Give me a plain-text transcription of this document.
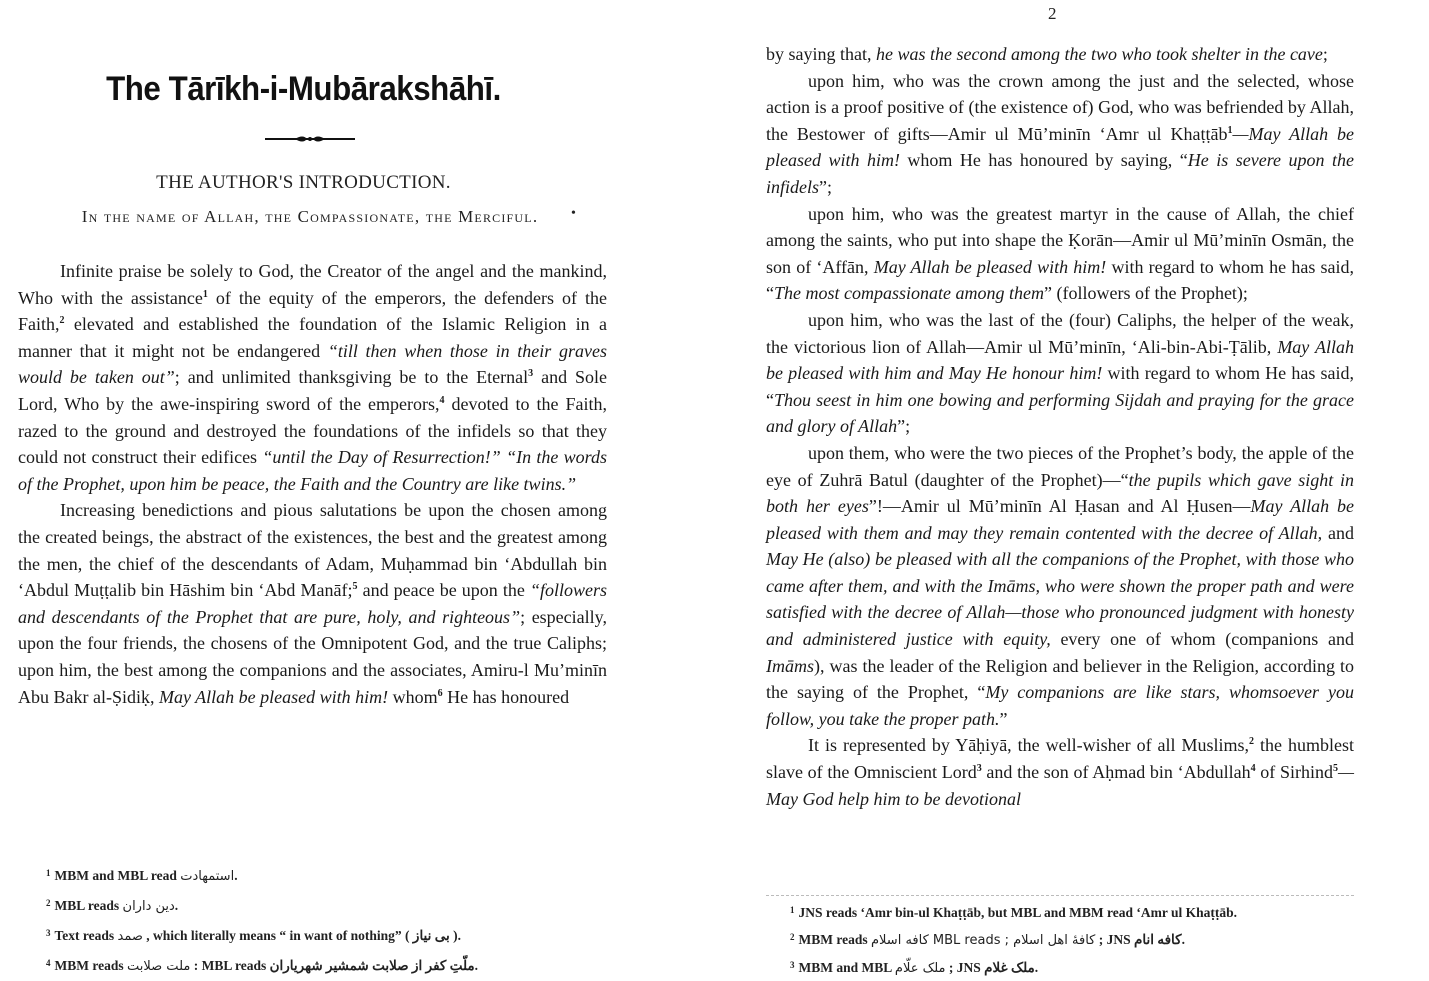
The Tārīkh-i-Mubārakshāhī.
THE AUTHOR'S INTRODUCTION.
In the name of Allah, the Compassionate, the Merciful.	•

Infinite praise be solely to God, the Creator of the angel and the mankind, Who with the assistance$^1$ of the equity of the emperors, the defenders of the Faith,$^2$ elevated and established the foundation of the Islamic Religion in a manner that it might not be endangered “till then when those in their graves would be taken out”; and unlimited thanksgiving be to the Eternal$^3$ and Sole Lord, Who by the awe-inspiring sword of the emperors,$^4$ devoted to the Faith, razed to the ground and destroyed the foundations of the infidels so that they could not construct their edifices “until the Day of Resurrection!” “In the words of the Prophet, upon him be peace, the Faith and the Country are like twins.”

Increasing benedictions and pious salutations be upon the chosen among the created beings, the abstract of the existences, the best and the greatest among the men, the chief of the descendants of Adam, Muḥammad bin ‘Abdullah bin ‘Abdul Muṭṭalib bin Hāshim bin ‘Abd Manāf;$^5$ and peace be upon the “followers and descendants of the Prophet that are pure, holy, and righteous”; especially, upon the four friends, the chosens of the Omnipotent God, and the true Caliphs; upon him, the best among the companions and the associates, Amiru-l Mu’minīn Abu Bakr al-Ṣidiḳ, May Allah be pleased with him! whom$^6$ He has honoured

$^1$ MBM and MBL read استمهادت.
$^2$ MBL reads دین داران.
$^3$ Text reads صمد , which literally means “ in want of nothing” ( بی نیاز ).
$^4$ MBM reads ملت صلابت : MBL reads ملّتِ کفر از صلابت شمشیر شهریاران.
2

by saying that, he was the second among the two who took shelter in the cave;

upon him, who was the crown among the just and the selected, whose action is a proof positive of (the existence of) God, who was befriended by Allah, the Bestower of gifts—Amir ul Mū’minīn ‘Amr ul Khaṭṭāb$^1$—May Allah be pleased with him! whom He has honoured by saying, “He is severe upon the infidels”;

upon him, who was the greatest martyr in the cause of Allah, the chief among the saints, who put into shape the Ḳorān—Amir ul Mū’minīn Osmān, the son of ‘Affān, May Allah be pleased with him! with regard to whom he has said, “The most compassionate among them” (followers of the Prophet);

upon him, who was the last of the (four) Caliphs, the helper of the weak, the victorious lion of Allah—Amir ul Mū’minīn, ‘Ali-bin-Abi-Ṭālib, May Allah be pleased with him and May He honour him! with regard to whom He has said, “Thou seest in him one bowing and performing Sijdah and praying for the grace and glory of Allah”;

upon them, who were the two pieces of the Prophet’s body, the apple of the eye of Zuhrā Batul (daughter of the Prophet)—“the pupils which gave sight in both her eyes”!—Amir ul Mū’minīn Al Ḥasan and Al Ḥusen—May Allah be pleased with them and may they remain contented with the decree of Allah, and May He (also) be pleased with all the companions of the Prophet, with those who came after them, and with the Imāms, who were shown the proper path and were satisfied with the decree of Allah—those who pronounced judgment with honesty and administered justice with equity, every one of whom (companions and Imāms), was the leader of the Religion and believer in the Religion, according to the saying of the Prophet, “My companions are like stars, whomsoever you follow, you take the proper path.”

It is represented by Yāḥiyā, the well-wisher of all Muslims,$^2$ the humblest slave of the Omniscient Lord$^3$ and the son of Aḥmad bin ‘Abdullah$^4$ of Sirhind$^5$—May God help him to be devotional

$^1$ JNS reads ‘Amr bin-ul Khaṭṭāb, but MBL and MBM read ‘Amr ul Khaṭṭāb.
$^2$ MBM reads کافهٔ اهل اسلام ; MBL reads کافه اسلام ; JNS کافه انام.
$^3$ MBM and MBL ملک علّام ; JNS ملک غلام.
